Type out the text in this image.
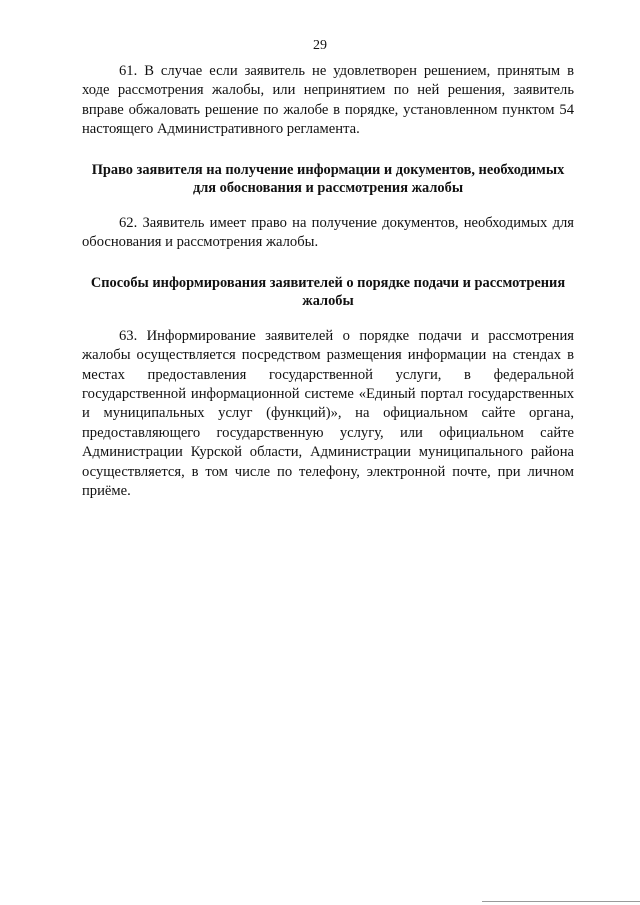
29

61. В случае если заявитель не удовлетворен решением, принятым в ходе рассмотрения жалобы, или непринятием по ней решения, заявитель вправе обжаловать решение по жалобе в порядке, установленном пунктом 54 настоящего Административного регламента.

Право заявителя на получение информации и документов, необходимых для обоснования и рассмотрения жалобы

62. Заявитель имеет право на получение документов, необходимых для обоснования и рассмотрения жалобы.

Способы информирования заявителей о порядке подачи и рассмотрения жалобы

63. Информирование заявителей о порядке подачи и рассмотрения жалобы осуществляется посредством размещения информации на стендах в местах предоставления государственной услуги, в федеральной государственной информационной системе «Единый портал государственных и муниципальных услуг (функций)», на официальном сайте органа, предоставляющего государственную услугу, или официальном сайте Администрации Курской области, Администрации муниципального района осуществляется, в том числе по телефону, электронной почте, при личном приёме.
